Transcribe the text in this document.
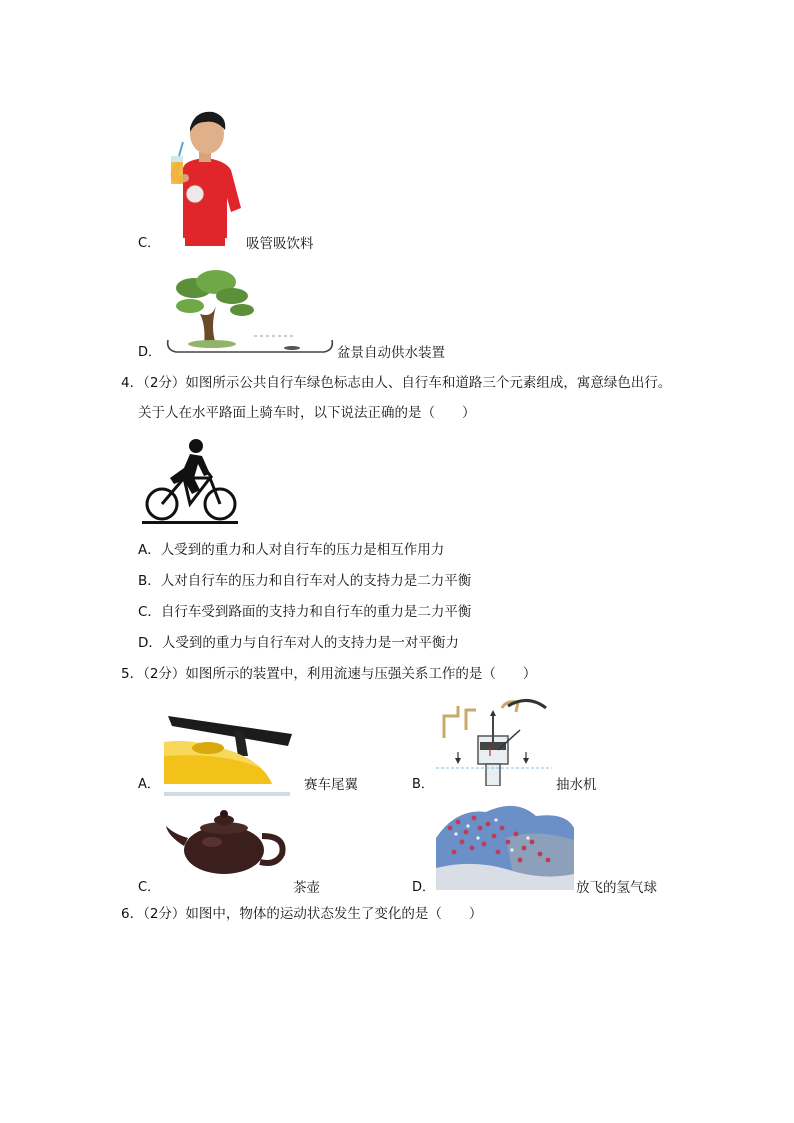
C．	吸管吸饮料
D．	盆景自动供水装置
4．（2分）如图所示公共自行车绿色标志由人、自行车和道路三个元素组成，寓意绿色出行。
关于人在水平路面上骑车时，以下说法正确的是（　　）
A．人受到的重力和人对自行车的压力是相互作用力
B．人对自行车的压力和自行车对人的支持力是二力平衡
C．自行车受到路面的支持力和自行车的重力是二力平衡
D．人受到的重力与自行车对人的支持力是一对平衡力
5．（2分）如图所示的装置中，利用流速与压强关系工作的是（　　）
A．	赛车尾翼	B．	抽水机
C．	茶壶	D．	放飞的氢气球
6．（2分）如图中，物体的运动状态发生了变化的是（　　）
